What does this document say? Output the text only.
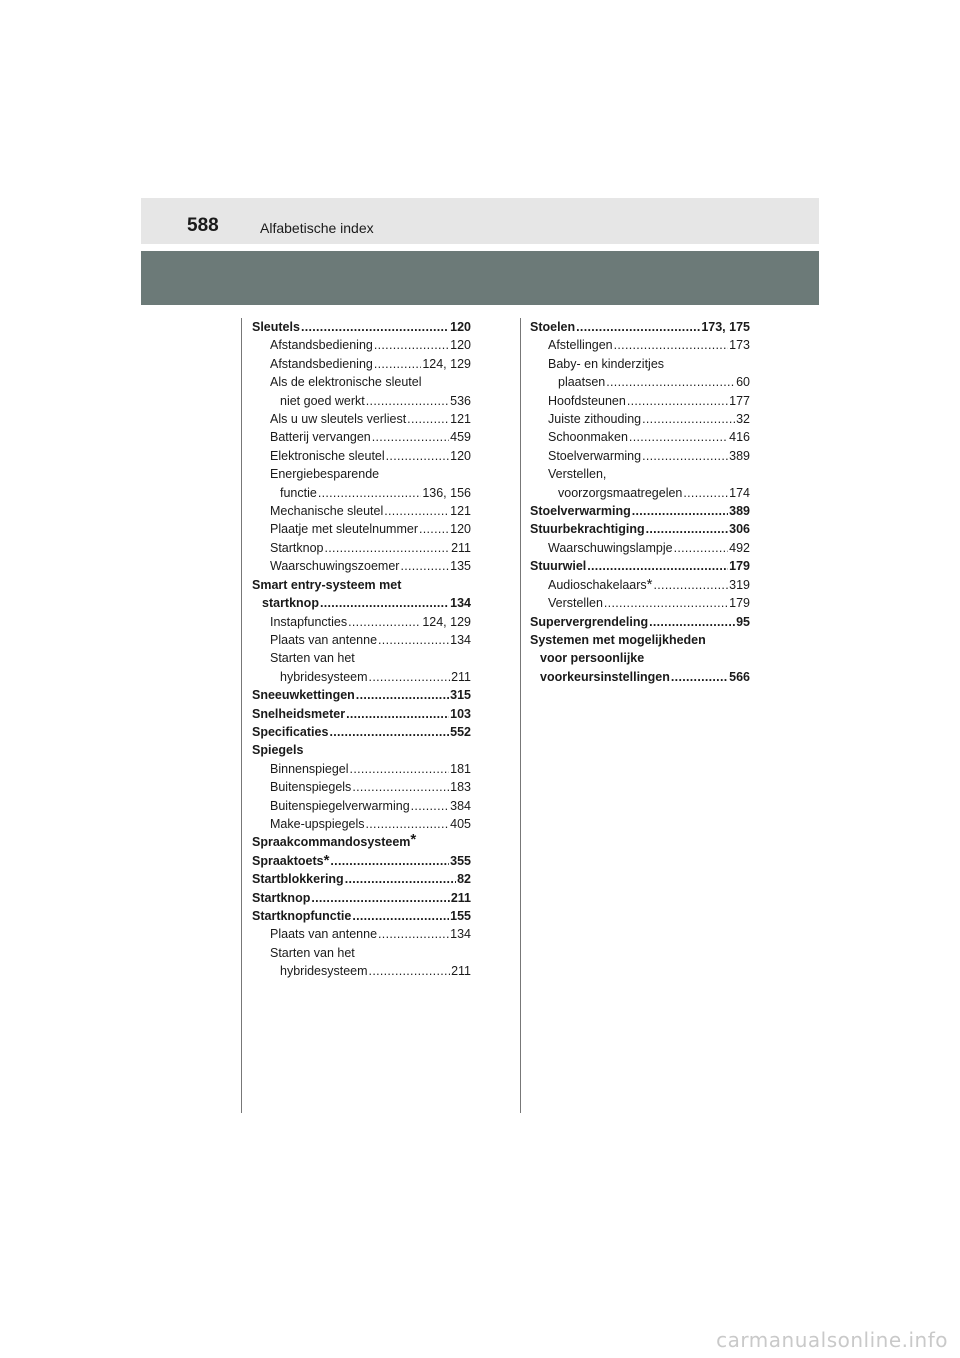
588	Alfabetische index
Sleutels .....	120
Afstandsbediening .....	120
Afstandsbediening .....	124, 129
Als de elektronische sleutel
niet goed werkt .....	536
Als u uw sleutels verliest .....	121
Batterij vervangen .....	459
Elektronische sleutel .....	120
Energiebesparende
functie .....	136, 156
Mechanische sleutel .....	121
Plaatje met sleutelnummer .....	120
Startknop .....	211
Waarschuwingszoemer .....	135
Smart entry-systeem met
startknop .....	134
Instapfuncties .....	124, 129
Plaats van antenne .....	134
Starten van het
hybridesysteem .....	211
Sneeuwkettingen .....	315
Snelheidsmeter .....	103
Specificaties .....	552
Spiegels
Binnenspiegel .....	181
Buitenspiegels .....	183
Buitenspiegelverwarming .....	384
Make-upspiegels .....	405
Spraakcommandosysteem*
Spraaktoets * .....	355
Startblokkering .....	82
Startknop .....	211
Startknopfunctie .....	155
Plaats van antenne .....	134
Starten van het
hybridesysteem .....	211
Stoelen .....	173, 175
Afstellingen .....	173
Baby- en kinderzitjes
plaatsen .....	60
Hoofdsteunen .....	177
Juiste zithouding .....	32
Schoonmaken .....	416
Stoelverwarming .....	389
Verstellen,
voorzorgsmaatregelen .....	174
Stoelverwarming .....	389
Stuurbekrachtiging .....	306
Waarschuwingslampje .....	492
Stuurwiel .....	179
Audioschakelaars * .....	319
Verstellen .....	179
Supervergrendeling .....	95
Systemen met mogelijkheden
voor persoonlijke
voorkeursinstellingen .....	566
carmanualsonline.info
